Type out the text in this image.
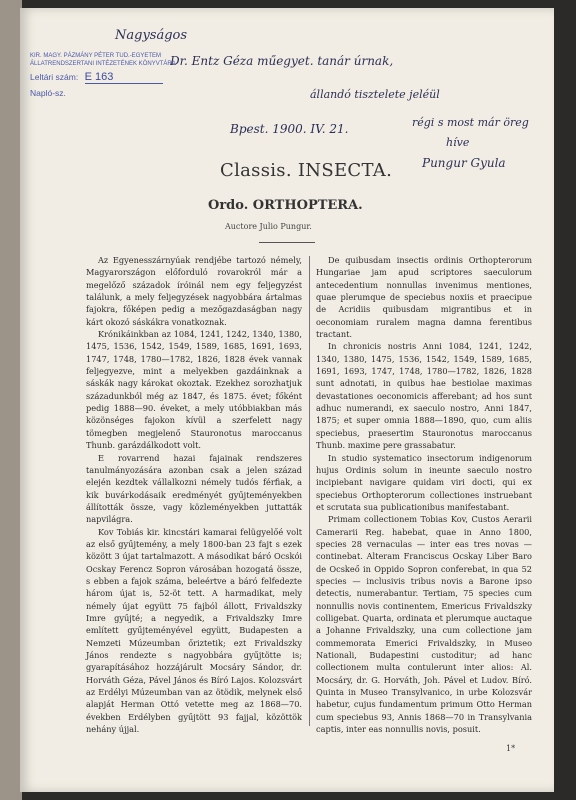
KIR. MAGY. PÁZMÁNY PÉTER TUD.-EGYETEM
ÁLLATRENDSZERTANI INTÉZETÉNEK KÖNYVTÁRA
Leltári szám: E 163
Napló-sz.
Nagyságos
Dr. Entz Géza műegyet. tanár úrnak,
állandó tisztelete jeléül
Bpest. 1900. IV. 21.	régi s most már öreg
híve
Pungur Gyula
Classis. INSECTA.
Ordo. ORTHOPTERA.
Auctore Julio Pungur.

Az Egyenesszárnyúak rendjébe tartozó némely, Magyarországon előforduló rovarokról már a megelőző századok íróinál nem egy feljegyzést találunk, a mely feljegyzések nagyobbára ártalmas fajokra, főképen pedig a mezőgazdaságban nagy kárt okozó sáskákra vonatkoznak.

Krónikáinkban az 1084, 1241, 1242, 1340, 1380, 1475, 1536, 1542, 1549, 1589, 1685, 1691, 1693, 1747, 1748, 1780—1782, 1826, 1828 évek vannak feljegyezve, mint a melyekben gazdáinknak a sáskák nagy károkat okoztak. Ezekhez sorozhatjuk századunkból még az 1847, és 1875. évet; főként pedig 1888—90. éveket, a mely utóbbiakban más közönséges fajokon kívül a szerfelett nagy tömegben megjelenő Stauronotus maroccanus Thunb. garázdálkodott volt.

E rovarrend hazai fajainak rendszeres tanulmányozására azonban csak a jelen század elején kezdtek vállalkozni némely tudós férfiak, a kik buvárkodásaik eredményét gyűjteményekben állították össze, vagy közleményekben juttatták napvilágra.

Kov Tobiás kir. kincstári kamarai felügyelőé volt az első gyűjtemény, a mely 1800-ban 23 fajt s ezek között 3 újat tartalmazott. A másodikat báró Ocskói Ocskay Ferencz Sopron városában hozogatá össze, s ebben a fajok száma, beleértve a báró felfedezte három újat is, 52-öt tett. A harmadikat, mely némely újat együtt 75 fajból állott, Frivaldszky Imre gyűjté; a negyedik, a Frivaldszky Imre említett gyűjteményével együtt, Budapesten a Nemzeti Múzeumban őriztetik; ezt Frivaldszky János rendezte s nagyobbára gyűjtötte is; gyarapításához hozzájárult Mocsáry Sándor, dr. Horváth Géza, Pável János és Bíró Lajos. Kolozsvárt az Erdélyi Múzeumban van az ötödik, melynek első alapját Herman Ottó vetette meg az 1868—70. években Erdélyben gyűjtött 93 fajjal, közöttök nehány újjal.

De quibusdam insectis ordinis Orthopterorum Hungariae jam apud scriptores saeculorum antecedentium nonnullas invenimus mentiones, quae plerumque de speciebus noxiis et praecipue de Acridiis quibusdam migrantibus et in oeconomiam ruralem magna damna ferentibus tractant.

In chronicis nostris Anni 1084, 1241, 1242, 1340, 1380, 1475, 1536, 1542, 1549, 1589, 1685, 1691, 1693, 1747, 1748, 1780—1782, 1826, 1828 sunt adnotati, in quibus hae bestiolae maximas devastationes oeconomicis afferebant; ad hos sunt adhuc numerandi, ex saeculo nostro, Anni 1847, 1875; et super omnia 1888—1890, quo, cum aliis speciebus, praesertim Stauronotus maroccanus Thunb. maxime pere grassabatur.

In studio systematico insectorum indigenorum hujus Ordinis solum in ineunte saeculo nostro incipiebant navigare quidam viri docti, qui ex speciebus Orthopterorum collectiones instruebant et scrutata sua publicationibus manifestabant.

Primam collectionem Tobias Kov, Custos Aerarii Camerarii Reg. habebat, quae in Anno 1800, species 28 vernaculas — inter eas tres novas — continebat. Alteram Franciscus Ocskay Liber Baro de Ocskeő in Oppido Sopron conferebat, in qua 52 species — inclusivis tribus novis a Barone ipso detectis, numerabantur. Tertiam, 75 species cum nonnullis novis continentem, Emericus Frivaldszky colligebat. Quarta, ordinata et plerumque auctaque a Johanne Frivaldszky, una cum collectione jam commemorata Emerici Frivaldszky, in Museo Nationali, Budapestini custoditur; ad hanc collectionem multa contulerunt inter alios: Al. Mocsáry, dr. G. Horváth, Joh. Pável et Ludov. Bíró. Quinta in Museo Transylvanico, in urbe Kolozsvár habetur, cujus fundamentum primum Otto Herman cum speciebus 93, Annis 1868—70 in Transylvania captis, inter eas nonnullis novis, posuit.

1*
